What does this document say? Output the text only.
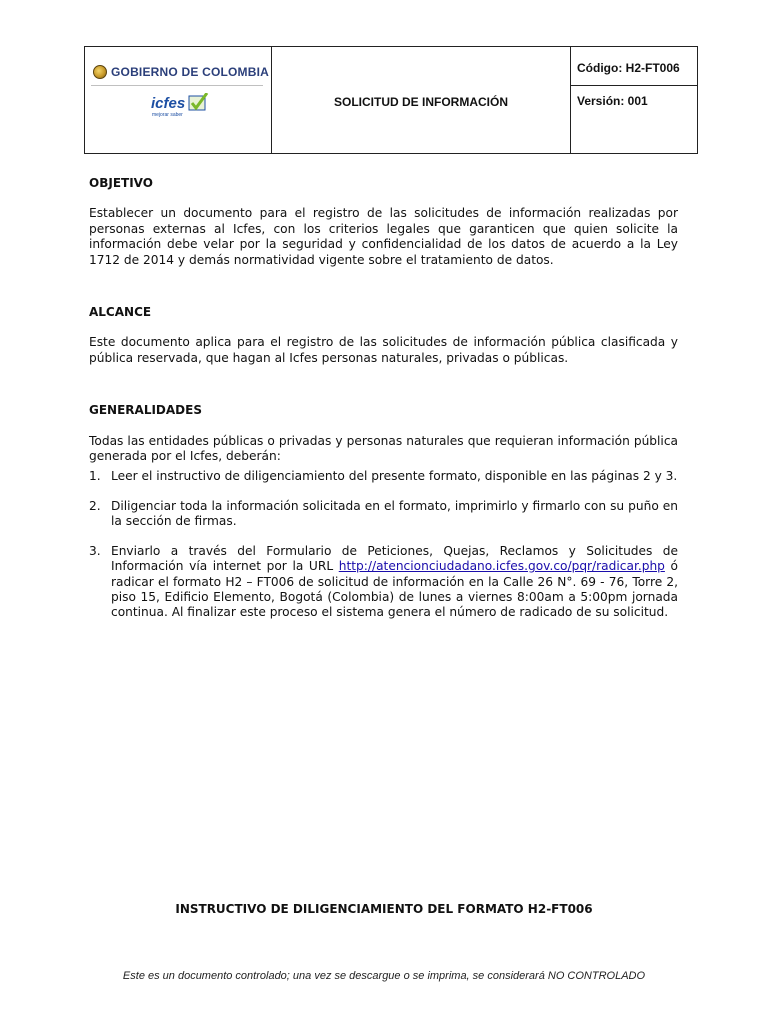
GOBIERNO DE COLOMBIA
icfes
mejorar saber
	SOLICITUD DE INFORMACIÓN	
Código: H2-FT006

Versión: 001

OBJETIVO

Establecer un documento para el registro de las solicitudes de información realizadas por personas externas al Icfes, con los criterios legales que garanticen que quien solicite la información debe velar por la seguridad y confidencialidad de los datos de acuerdo a la Ley 1712 de 2014 y demás normatividad vigente sobre el tratamiento de datos.

ALCANCE

Este documento aplica para el registro de las solicitudes de información pública clasificada y pública reservada, que hagan al Icfes personas naturales, privadas o públicas.

GENERALIDADES

Todas las entidades públicas o privadas y personas naturales que requieran información pública generada por el Icfes, deberán:

1. Leer el instructivo de diligenciamiento del presente formato, disponible en las páginas 2 y 3.
2. Diligenciar toda la información solicitada en el formato, imprimirlo y firmarlo con su puño en la sección de firmas.
3. Enviarlo a través del Formulario de Peticiones, Quejas, Reclamos y Solicitudes de Información vía internet por la URL http://atencionciudadano.icfes.gov.co/pqr/radicar.php ó radicar el formato H2 – FT006 de solicitud de información en la Calle 26 N°. 69 - 76, Torre 2, piso 15, Edificio Elemento, Bogotá (Colombia) de lunes a viernes 8:00am a 5:00pm jornada continua. Al finalizar este proceso el sistema genera el número de radicado de su solicitud.
INSTRUCTIVO DE DILIGENCIAMIENTO DEL FORMATO H2-FT006
Este es un documento controlado; una vez se descargue o se imprima, se considerará NO CONTROLADO
